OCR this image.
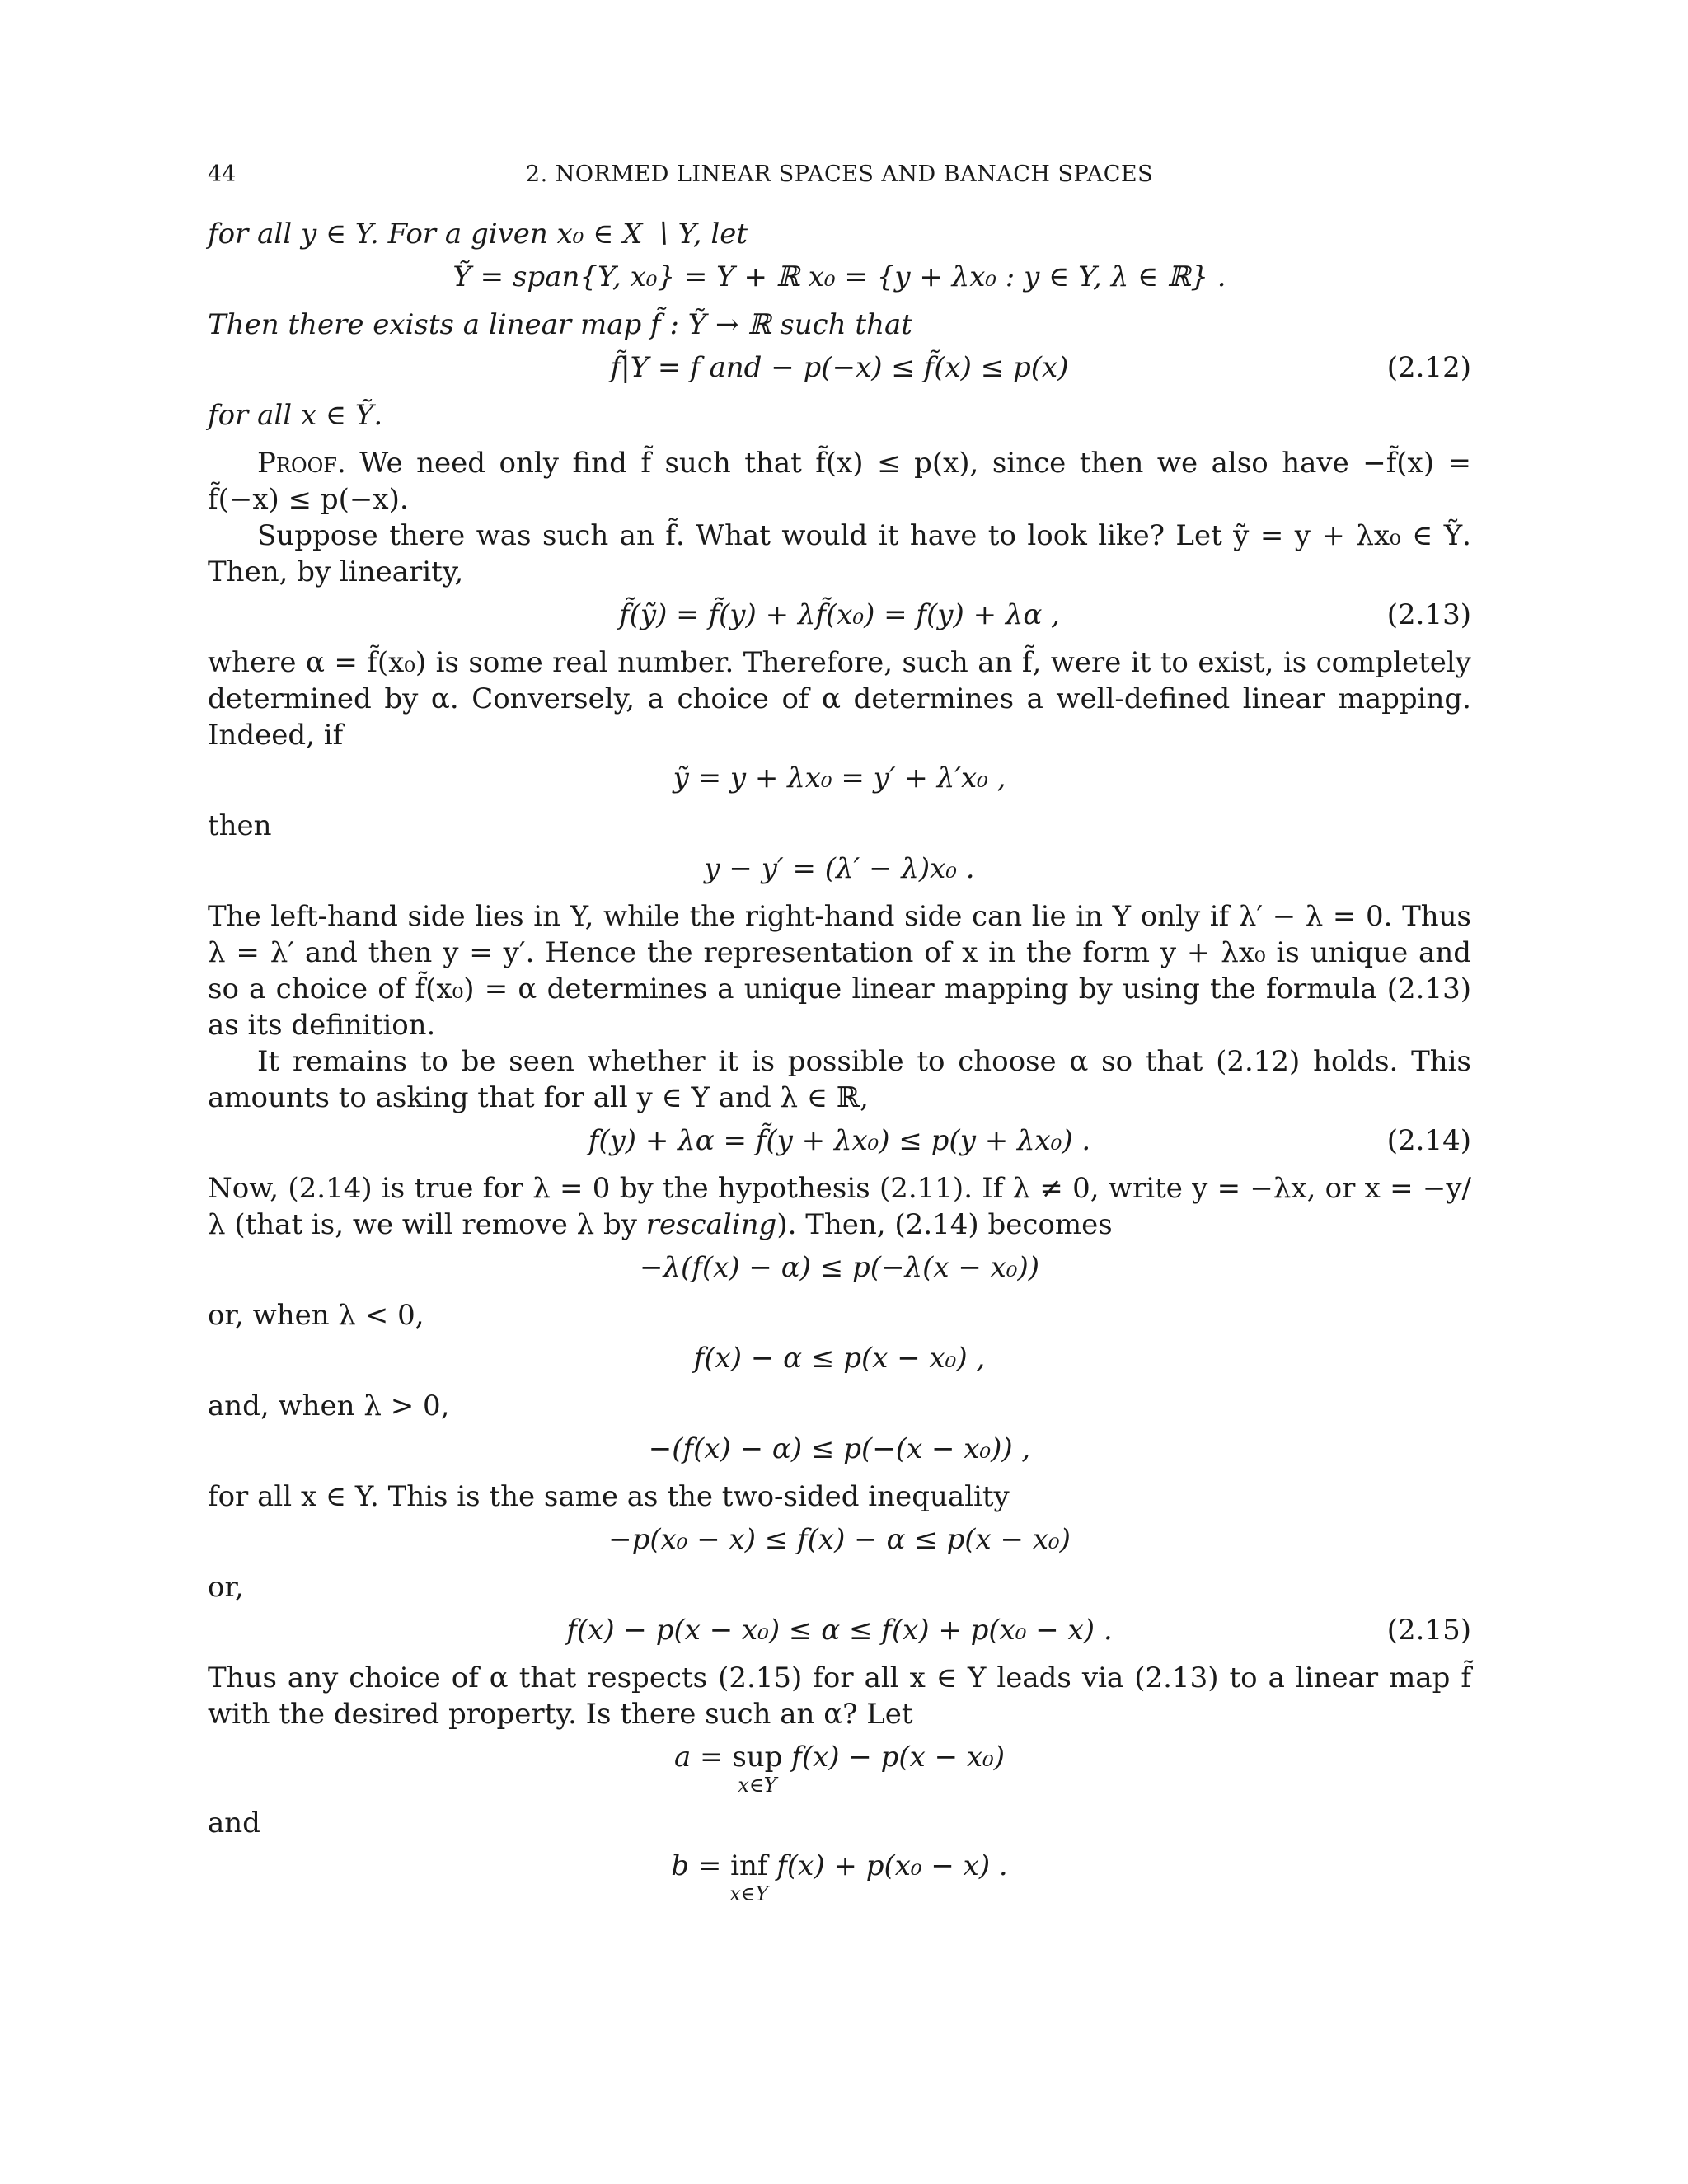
44	2. NORMED LINEAR SPACES AND BANACH SPACES

for all y ∈ Y. For a given x₀ ∈ X ∖ Y, let

Ỹ = span{Y, x₀} = Y + ℝ x₀ = {y + λx₀ : y ∈ Y, λ ∈ ℝ} .

Then there exists a linear map f̃ : Ỹ → ℝ such that

f̃|Y = f and − p(−x) ≤ f̃(x) ≤ p(x)	(2.12)

for all x ∈ Ỹ.

Proof. We need only find f̃ such that f̃(x) ≤ p(x), since then we also have −f̃(x) = f̃(−x) ≤ p(−x).

Suppose there was such an f̃. What would it have to look like? Let ỹ = y + λx₀ ∈ Ỹ. Then, by linearity,

f̃(ỹ) = f̃(y) + λf̃(x₀) = f(y) + λα ,	(2.13)

where α = f̃(x₀) is some real number. Therefore, such an f̃, were it to exist, is completely determined by α. Conversely, a choice of α determines a well-defined linear mapping. Indeed, if

ỹ = y + λx₀ = y′ + λ′x₀ ,

then

y − y′ = (λ′ − λ)x₀ .

The left-hand side lies in Y, while the right-hand side can lie in Y only if λ′ − λ = 0. Thus λ = λ′ and then y = y′. Hence the representation of x in the form y + λx₀ is unique and so a choice of f̃(x₀) = α determines a unique linear mapping by using the formula (2.13) as its definition.

It remains to be seen whether it is possible to choose α so that (2.12) holds. This amounts to asking that for all y ∈ Y and λ ∈ ℝ,

f(y) + λα = f̃(y + λx₀) ≤ p(y + λx₀) .	(2.14)

Now, (2.14) is true for λ = 0 by the hypothesis (2.11). If λ ≠ 0, write y = −λx, or x = −y/λ (that is, we will remove λ by rescaling). Then, (2.14) becomes

−λ(f(x) − α) ≤ p(−λ(x − x₀))

or, when λ < 0,

f(x) − α ≤ p(x − x₀) ,

and, when λ > 0,

−(f(x) − α) ≤ p(−(x − x₀)) ,

for all x ∈ Y. This is the same as the two-sided inequality

−p(x₀ − x) ≤ f(x) − α ≤ p(x − x₀)

or,

f(x) − p(x − x₀) ≤ α ≤ f(x) + p(x₀ − x) .	(2.15)

Thus any choice of α that respects (2.15) for all x ∈ Y leads via (2.13) to a linear map f̃ with the desired property. Is there such an α? Let

a = sup
x∈Y
f(x) − p(x − x₀)

and

b = inf
x∈Y
f(x) + p(x₀ − x) .
